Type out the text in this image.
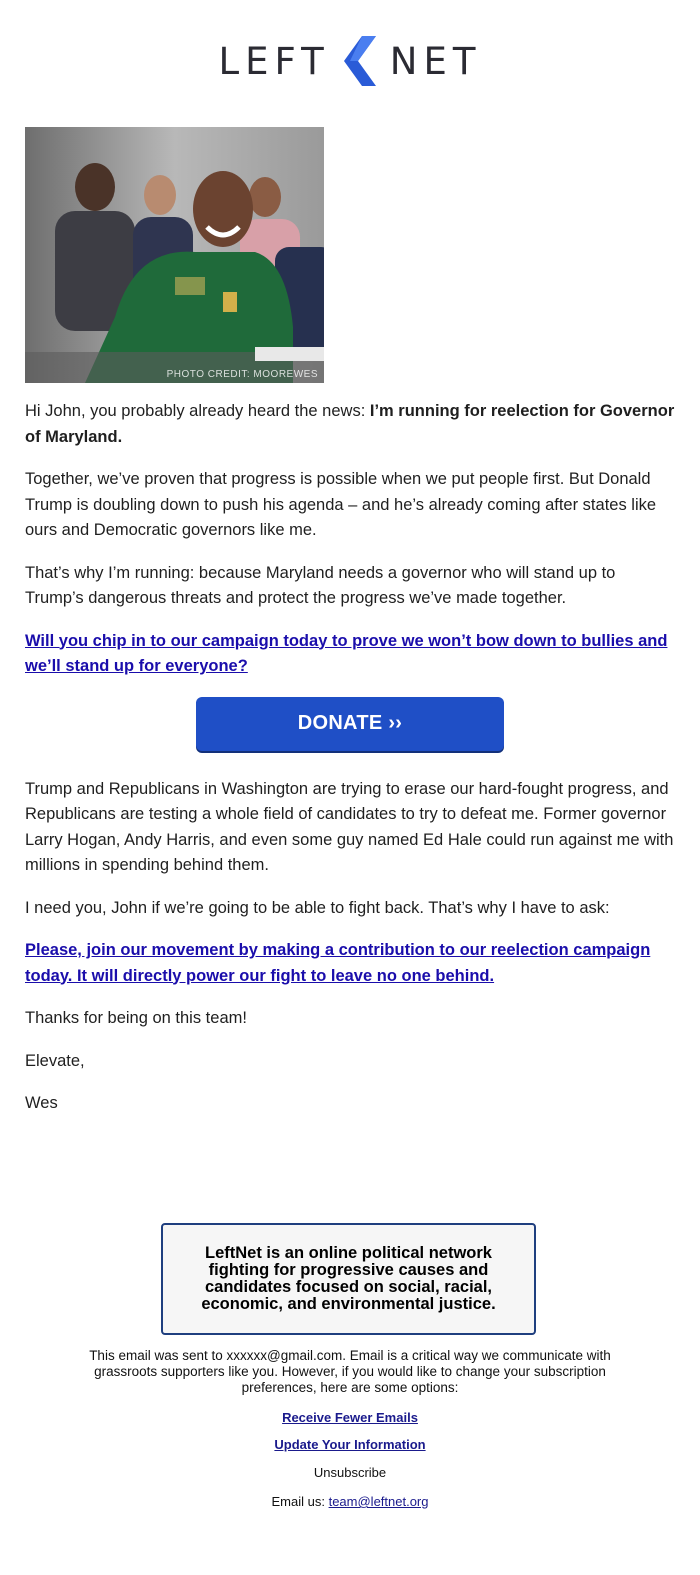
LEFT NET
PHOTO CREDIT: MOOREWES

Hi John, you probably already heard the news: I’m running for reelection for Governor of Maryland.

Together, we’ve proven that progress is possible when we put people first. But Donald Trump is doubling down to push his agenda – and he’s already coming after states like ours and Democratic governors like me.

That’s why I’m running: because Maryland needs a governor who will stand up to Trump’s dangerous threats and protect the progress we’ve made together.

Will you chip in to our campaign today to prove we won’t bow down to bullies and we’ll stand up for everyone?
DONATE ››

Trump and Republicans in Washington are trying to erase our hard-fought progress, and Republicans are testing a whole field of candidates to try to defeat me. Former governor Larry Hogan, Andy Harris, and even some guy named Ed Hale could run against me with millions in spending behind them.

I need you, John if we’re going to be able to fight back. That’s why I have to ask:

Please, join our movement by making a contribution to our reelection campaign today. It will directly power our fight to leave no one behind.

Thanks for being on this team!

Elevate,

Wes

LeftNet is an online political network fighting for progressive causes and candidates focused on social, racial, economic, and environmental justice.
This email was sent to xxxxxx@gmail.com. Email is a critical way we communicate with grassroots supporters like you. However, if you would like to change your subscription preferences, here are some options:
Receive Fewer Emails
Update Your Information
Unsubscribe
Email us: team@leftnet.org
